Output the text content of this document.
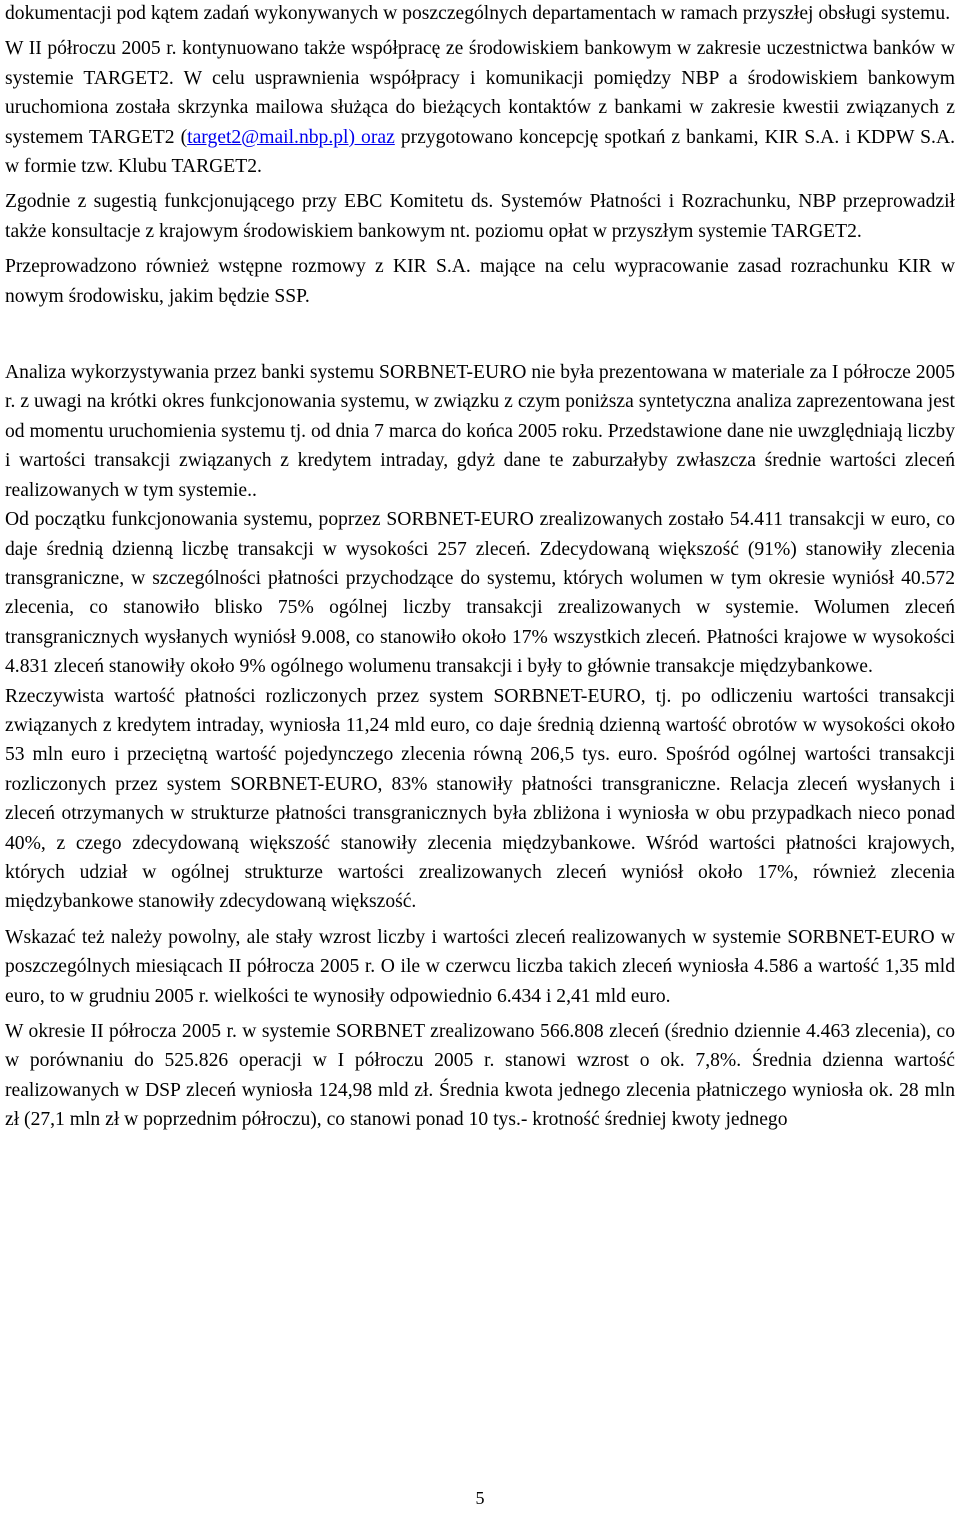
dokumentacji pod kątem zadań wykonywanych w poszczególnych departamentach w ramach przyszłej obsługi systemu.

W II półroczu 2005 r. kontynuowano także współpracę ze środowiskiem bankowym w zakresie uczestnictwa banków w systemie TARGET2. W celu usprawnienia współpracy i komunikacji pomiędzy NBP a środowiskiem bankowym uruchomiona została skrzynka mailowa służąca do bieżących kontaktów z bankami w zakresie kwestii związanych z systemem TARGET2 (target2@mail.nbp.pl) oraz przygotowano koncepcję spotkań z bankami, KIR S.A. i KDPW S.A. w formie tzw. Klubu TARGET2.

Zgodnie z sugestią funkcjonującego przy EBC Komitetu ds. Systemów Płatności i Rozrachunku, NBP przeprowadził także konsultacje z krajowym środowiskiem bankowym nt. poziomu opłat w przyszłym systemie TARGET2.

Przeprowadzono również wstępne rozmowy z KIR S.A. mające na celu wypracowanie zasad rozrachunku KIR w nowym środowisku, jakim będzie SSP.

Analiza wykorzystywania przez banki systemu SORBNET-EURO nie była prezentowana w materiale za I półrocze 2005 r. z uwagi na krótki okres funkcjonowania systemu, w związku z czym poniższa syntetyczna analiza zaprezentowana jest od momentu uruchomienia systemu tj. od dnia 7 marca do końca 2005 roku. Przedstawione dane nie uwzględniają liczby i wartości transakcji związanych z kredytem intraday, gdyż dane te zaburzałyby zwłaszcza średnie wartości zleceń realizowanych w tym systemie..

Od początku funkcjonowania systemu, poprzez SORBNET-EURO zrealizowanych zostało 54.411 transakcji w euro, co daje średnią dzienną liczbę transakcji w wysokości 257 zleceń. Zdecydowaną większość (91%) stanowiły zlecenia transgraniczne, w szczególności płatności przychodzące do systemu, których wolumen w tym okresie wyniósł 40.572 zlecenia, co stanowiło blisko 75% ogólnej liczby transakcji zrealizowanych w systemie. Wolumen zleceń transgranicznych wysłanych wyniósł 9.008, co stanowiło około 17% wszystkich zleceń. Płatności krajowe w wysokości 4.831 zleceń stanowiły około 9% ogólnego wolumenu transakcji i były to głównie transakcje międzybankowe.

Rzeczywista wartość płatności rozliczonych przez system SORBNET-EURO, tj. po odliczeniu wartości transakcji związanych z kredytem intraday, wyniosła 11,24 mld euro, co daje średnią dzienną wartość obrotów w wysokości około 53 mln euro i przeciętną wartość pojedynczego zlecenia równą 206,5 tys. euro. Spośród ogólnej wartości transakcji rozliczonych przez system SORBNET-EURO, 83% stanowiły płatności transgraniczne. Relacja zleceń wysłanych i zleceń otrzymanych w strukturze płatności transgranicznych była zbliżona i wyniosła w obu przypadkach nieco ponad 40%, z czego zdecydowaną większość stanowiły zlecenia międzybankowe. Wśród wartości płatności krajowych, których udział w ogólnej strukturze wartości zrealizowanych zleceń wyniósł około 17%, również zlecenia międzybankowe stanowiły zdecydowaną większość.

Wskazać też należy powolny, ale stały wzrost liczby i wartości zleceń realizowanych w systemie SORBNET-EURO w poszczególnych miesiącach II półrocza 2005 r. O ile w czerwcu liczba takich zleceń wyniosła 4.586 a wartość 1,35 mld euro, to w grudniu 2005 r. wielkości te wynosiły odpowiednio 6.434 i 2,41 mld euro.

W okresie II półrocza 2005 r. w systemie SORBNET zrealizowano 566.808 zleceń (średnio dziennie 4.463 zlecenia), co w porównaniu do 525.826 operacji w I półroczu 2005 r. stanowi wzrost o ok. 7,8%. Średnia dzienna wartość realizowanych w DSP zleceń wyniosła 124,98 mld zł. Średnia kwota jednego zlecenia płatniczego wyniosła ok. 28 mln zł (27,1 mln zł w poprzednim półroczu), co stanowi ponad 10 tys.- krotność średniej kwoty jednego

5
